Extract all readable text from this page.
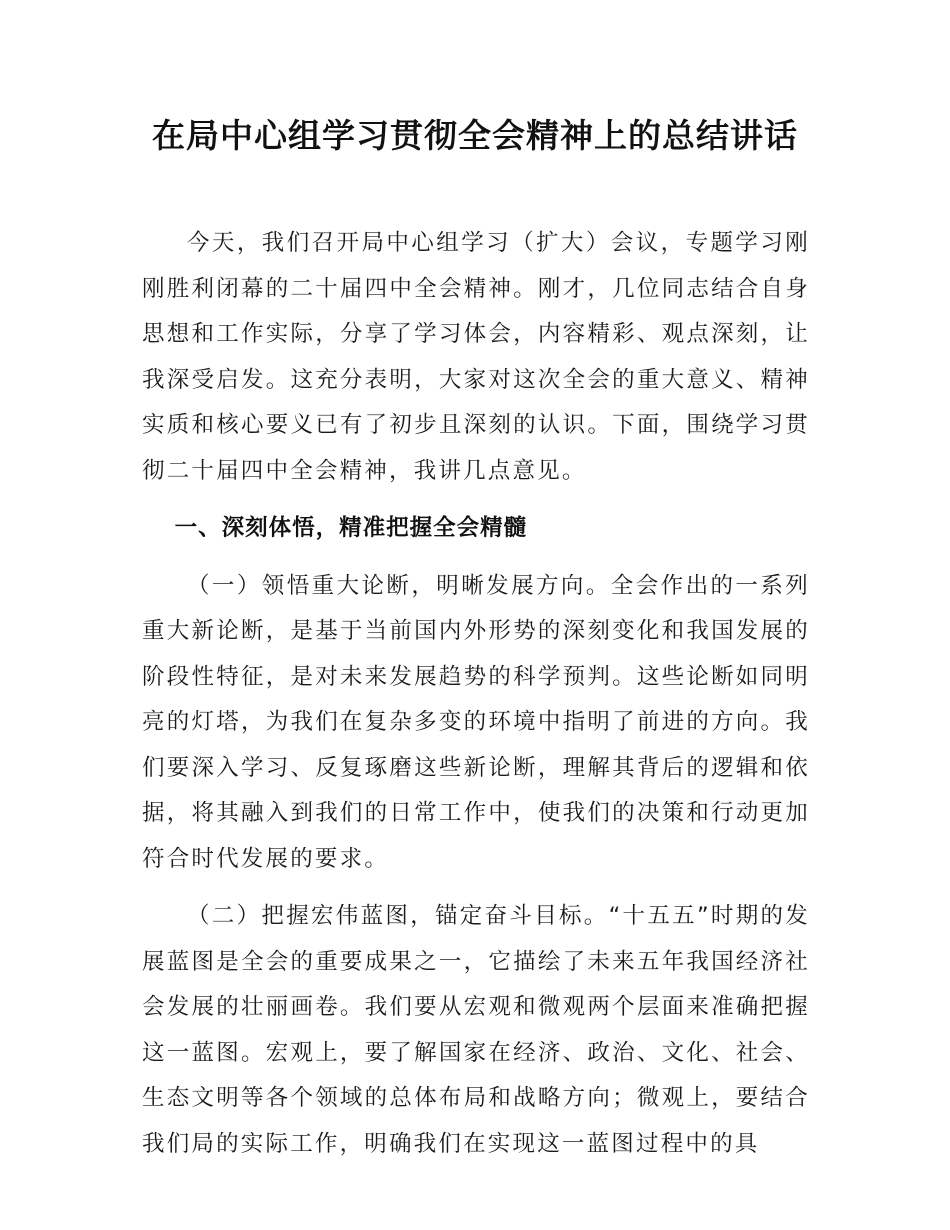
在局中心组学习贯彻全会精神上的总结讲话

今天，我们召开局中心组学习（扩大）会议，专题学习刚刚胜利闭幕的二十届四中全会精神。刚才，几位同志结合自身思想和工作实际，分享了学习体会，内容精彩、观点深刻，让我深受启发。这充分表明，大家对这次全会的重大意义、精神实质和核心要义已有了初步且深刻的认识。下面，围绕学习贯彻二十届四中全会精神，我讲几点意见。

一、深刻体悟，精准把握全会精髓

（一）领悟重大论断，明晰发展方向。全会作出的一系列重大新论断，是基于当前国内外形势的深刻变化和我国发展的阶段性特征，是对未来发展趋势的科学预判。这些论断如同明亮的灯塔，为我们在复杂多变的环境中指明了前进的方向。我们要深入学习、反复琢磨这些新论断，理解其背后的逻辑和依据，将其融入到我们的日常工作中，使我们的决策和行动更加符合时代发展的要求。

（二）把握宏伟蓝图，锚定奋斗目标。“十五五”时期的发展蓝图是全会的重要成果之一，它描绘了未来五年我国经济社会发展的壮丽画卷。我们要从宏观和微观两个层面来准确把握这一蓝图。宏观上，要了解国家在经济、政治、文化、社会、生态文明等各个领域的总体布局和战略方向；微观上，要结合我们局的实际工作，明确我们在实现这一蓝图过程中的具
